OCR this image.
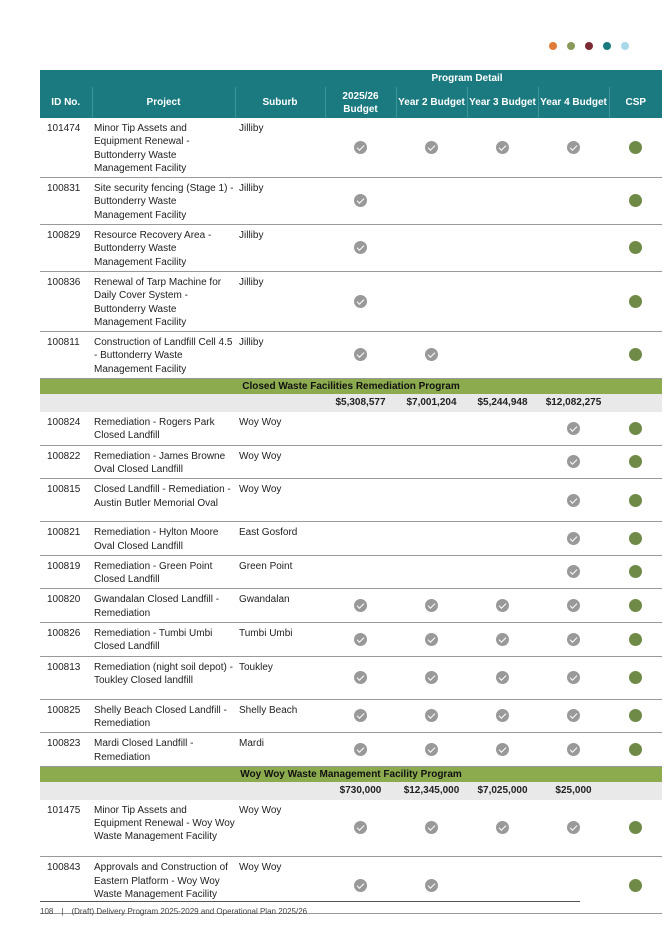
			Program Detail				
ID No.	Project	Suburb	2025/26 Budget	Year 2 Budget	Year 3 Budget	Year 4 Budget	CSP
101474	Minor Tip Assets and Equipment Renewal - Buttonderry Waste Management Facility	Jilliby					
100831	Site security fencing (Stage 1) - Buttonderry Waste Management Facility	Jilliby					
100829	Resource Recovery Area - Buttonderry Waste Management Facility	Jilliby					
100836	Renewal of Tarp Machine for Daily Cover System - Buttonderry Waste Management Facility	Jilliby					
100811	Construction of Landfill Cell 4.5 - Buttonderry Waste Management Facility	Jilliby					
Closed Waste Facilities Remediation Program							
			$5,308,577	$7,001,204	$5,244,948	$12,082,275	
100824	Remediation - Rogers Park Closed Landfill	Woy Woy					
100822	Remediation - James Browne Oval Closed Landfill	Woy Woy					
100815	Closed Landfill - Remediation - Austin Butler Memorial Oval	Woy Woy					
100821	Remediation - Hylton Moore Oval Closed Landfill	East Gosford					
100819	Remediation - Green Point Closed Landfill	Green Point					
100820	Gwandalan Closed Landfill - Remediation	Gwandalan					
100826	Remediation - Tumbi Umbi Closed Landfill	Tumbi Umbi					
100813	Remediation (night soil depot) - Toukley Closed landfill	Toukley					
100825	Shelly Beach Closed Landfill - Remediation	Shelly Beach					
100823	Mardi Closed Landfill - Remediation	Mardi					
Woy Woy Waste Management Facility Program							
			$730,000	$12,345,000	$7,025,000	$25,000	
101475	Minor Tip Assets and Equipment Renewal - Woy Woy Waste Management Facility	Woy Woy					
100843	Approvals and Construction of Eastern Platform - Woy Woy Waste Management Facility	Woy Woy					
108 | (Draft) Delivery Program 2025-2029 and Operational Plan 2025/26
